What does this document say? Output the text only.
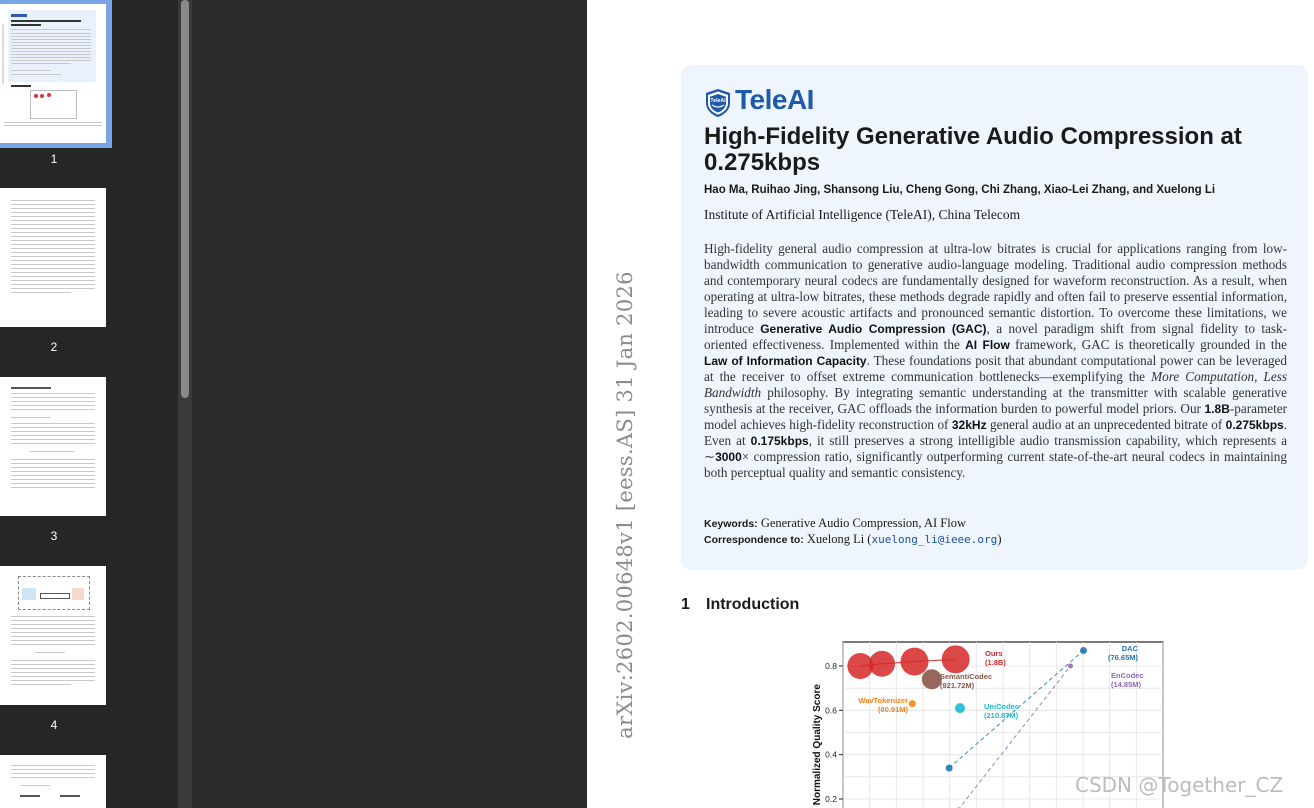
1
2
3
4	arXiv:2602.00648v1 [eess.AS] 31 Jan 2026
TeleAI TeleAI
High-Fidelity Generative Audio Compression at 0.275kbps
Hao Ma, Ruihao Jing, Shansong Liu, Cheng Gong, Chi Zhang, Xiao-Lei Zhang, and Xuelong Li
Institute of Artificial Intelligence (TeleAI), China Telecom
High-fidelity general audio compression at ultra-low bitrates is crucial for applications ranging from low-bandwidth communication to generative audio-language modeling. Traditional audio compression methods and contemporary neural codecs are fundamentally designed for waveform reconstruction. As a result, when operating at ultra-low bitrates, these methods degrade rapidly and often fail to preserve essential information, leading to severe acoustic artifacts and pronounced semantic distortion. To overcome these limitations, we introduce Generative Audio Compression (GAC), a novel paradigm shift from signal fidelity to task-oriented effectiveness. Implemented within the AI Flow framework, GAC is theoretically grounded in the Law of Information Capacity. These foundations posit that abundant computational power can be leveraged at the receiver to offset extreme communication bottlenecks—exemplifying the More Computation, Less Bandwidth philosophy. By integrating semantic understanding at the transmitter with scalable generative synthesis at the receiver, GAC offloads the information burden to powerful model priors. Our 1.8B-parameter model achieves high-fidelity reconstruction of 32kHz general audio at an unprecedented bitrate of 0.275kbps. Even at 0.175kbps, it still preserves a strong intelligible audio transmission capability, which represents a ∼3000× compression ratio, significantly outperforming current state-of-the-art neural codecs in maintaining both perceptual quality and semantic consistency.
Keywords: Generative Audio Compression, AI Flow
Correspondence to: Xuelong Li (xuelong_li@ieee.org)
1 Introduction
0.8
0.6
0.4
0.2
Normalized Quality Score
Ours
(1.8B)
SemantiCodec
(921.72M)
WavTokenizer
(80.91M)	UniCodec
(210.87M)
DAC
(76.65M)
EnCodec
(14.85M)
CSDN @Together_CZ
